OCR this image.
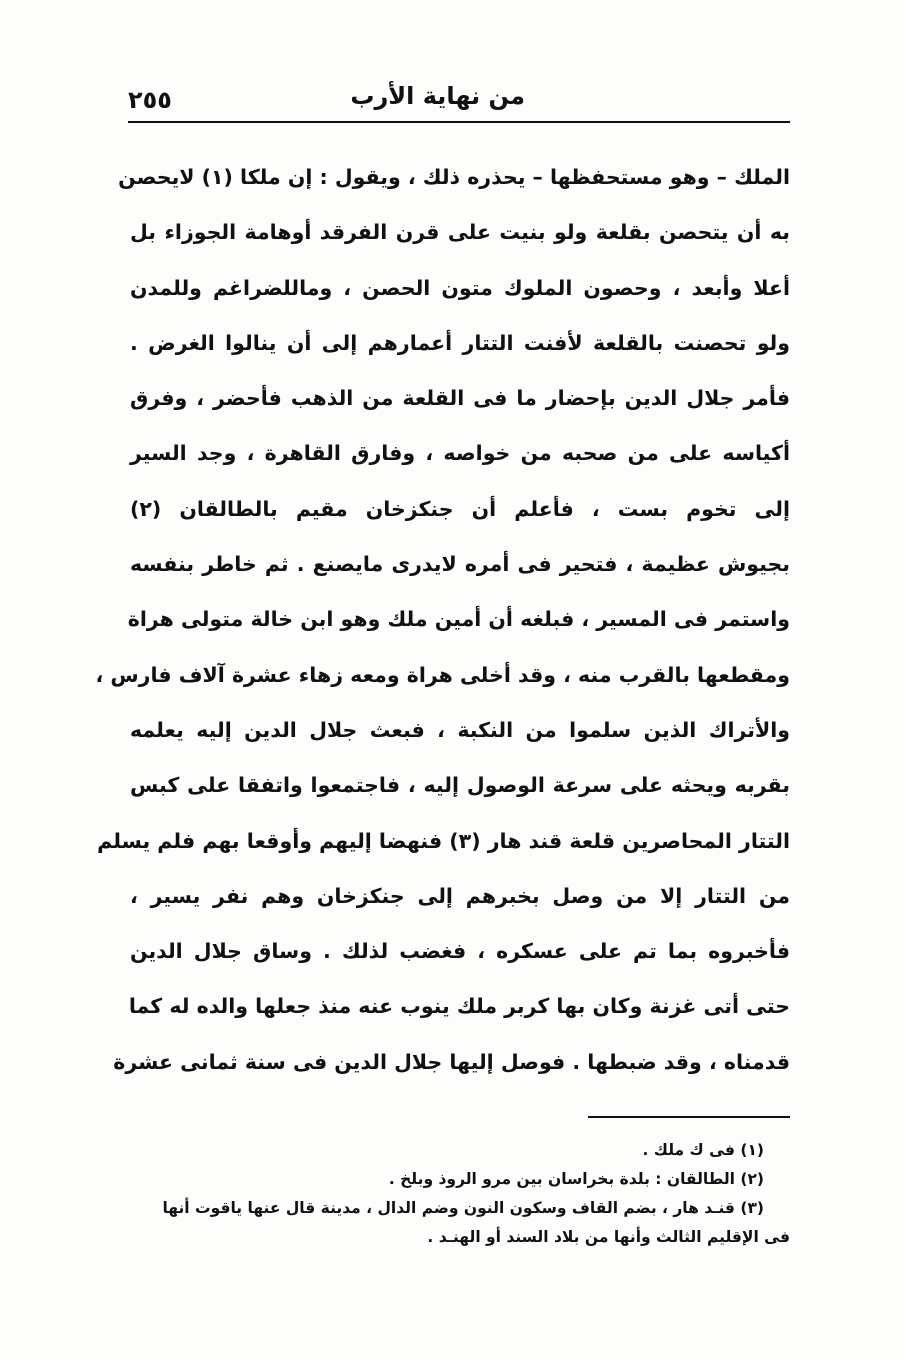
٢٥٥	من نهاية الأرب
الملك – وهو مستحفظها – يحذره ذلك ، ويقول : إن ملكا (١) لايحصن
به أن يتحصن بقلعة ولو بنيت على قرن الفرقد أوهامة الجوزاء بل
أعلا وأبعد ، وحصون الملوك متون الحصن ، وماللضراغم وللمدن
ولو تحصنت بالقلعة لأفنت التتار أعمارهم إلى أن ينالوا الغرض .
فأمر جلال الدين بإحضار ما فى القلعة من الذهب فأحضر ، وفرق
أكياسه على من صحبه من خواصه ، وفارق القاهرة ، وجد السير
إلى تخوم بست ، فأعلم أن جنكزخان مقيم بالطالقان (٢)
بجيوش عظيمة ، فتحير فى أمره لايدرى مايصنع . ثم خاطر بنفسه
واستمر فى المسير ، فبلغه أن أمين ملك وهو ابن خالة متولى هراة
ومقطعها بالقرب منه ، وقد أخلى هراة ومعه زهاء عشرة آلاف فارس ،
والأتراك الذين سلموا من النكبة ، فبعث جلال الدين إليه يعلمه
بقربه ويحثه على سرعة الوصول إليه ، فاجتمعوا واتفقا على كبس
التتار المحاصرين قلعة قند هار (٣) فنهضا إليهم وأوقعا بهم فلم يسلم
من التتار إلا من وصل بخبرهم إلى جنكزخان وهم نفر يسير ،
فأخبروه بما تم على عسكره ، فغضب لذلك . وساق جلال الدين
حتى أتى غزنة وكان بها كربر ملك ينوب عنه منذ جعلها والده له كما
قدمناه ، وقد ضبطها . فوصل إليها جلال الدين فى سنة ثمانى عشرة
(١) فى ك ملك .
(٢) الطالقان : بلدة بخراسان بين مرو الروذ وبلخ .
(٣) قنـد هار ، بضم القاف وسكون النون وضم الدال ، مدينة قال عنها ياقوت أنها
فى الإقليم الثالث وأنها من بلاد السند أو الهنـد .
